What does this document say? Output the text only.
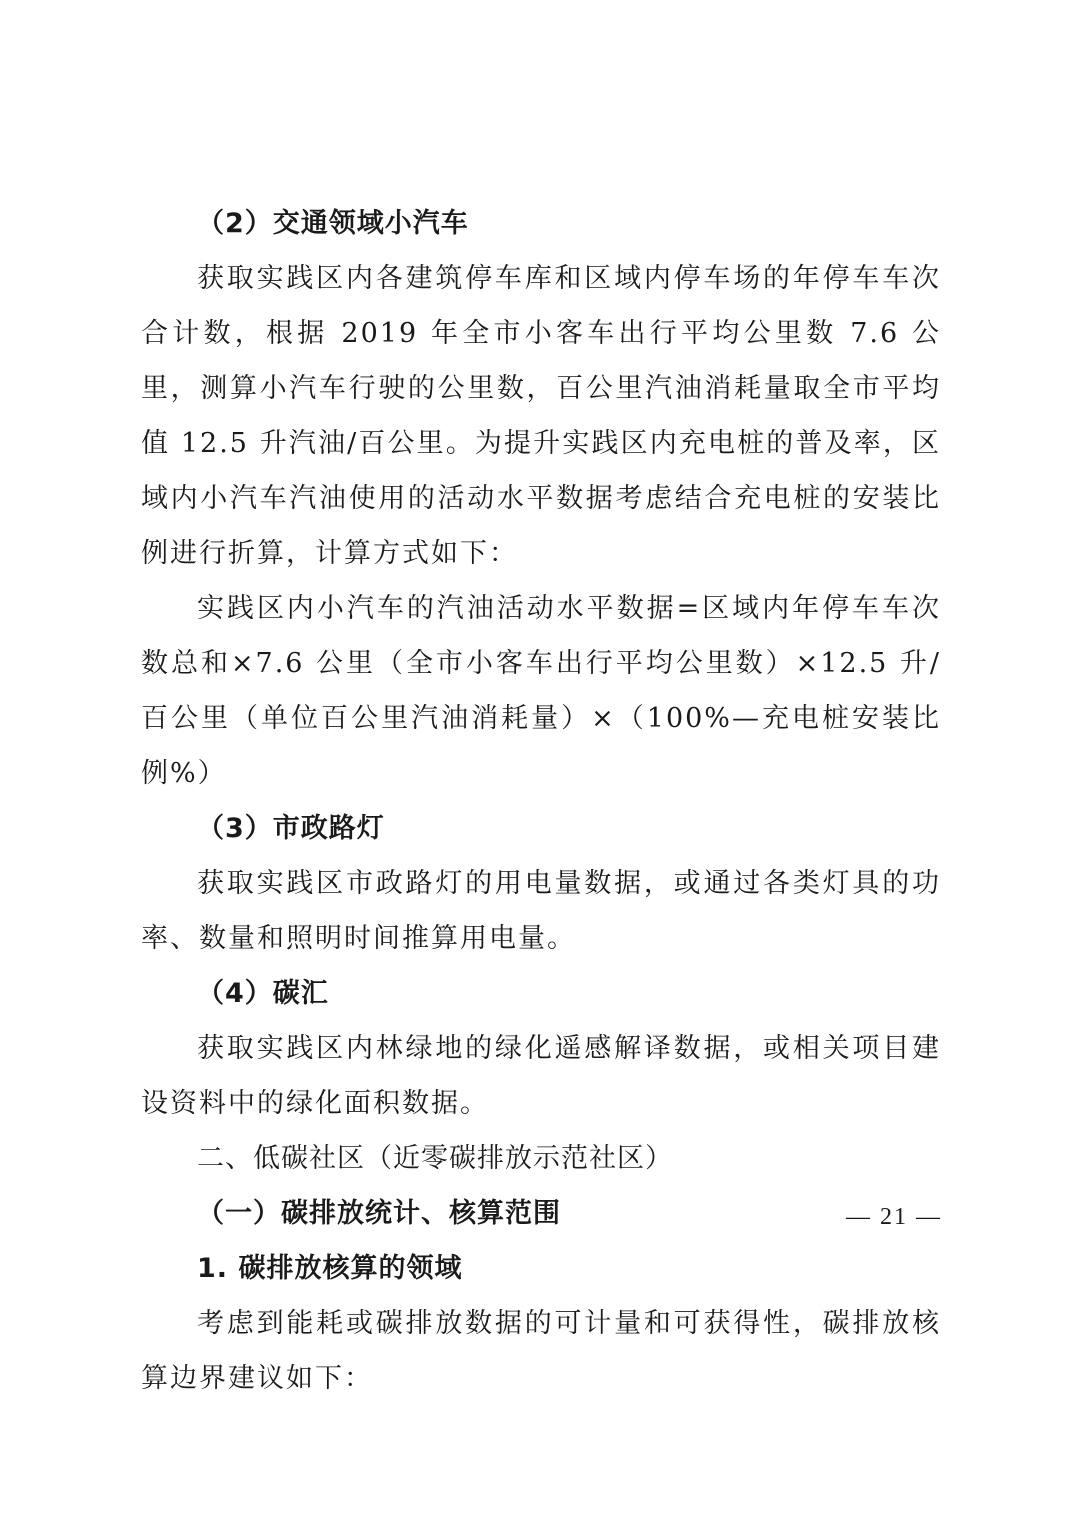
（2）交通领域小汽车

获取实践区内各建筑停车库和区域内停车场的年停车车次合计数，根据 2019 年全市小客车出行平均公里数 7.6 公里，测算小汽车行驶的公里数，百公里汽油消耗量取全市平均值 12.5 升汽油/百公里。为提升实践区内充电桩的普及率，区域内小汽车汽油使用的活动水平数据考虑结合充电桩的安装比例进行折算，计算方式如下：

实践区内小汽车的汽油活动水平数据=区域内年停车车次数总和×7.6 公里（全市小客车出行平均公里数）×12.5 升/百公里（单位百公里汽油消耗量）×（100%—充电桩安装比例%）

（3）市政路灯

获取实践区市政路灯的用电量数据，或通过各类灯具的功率、数量和照明时间推算用电量。

（4）碳汇

获取实践区内林绿地的绿化遥感解译数据，或相关项目建设资料中的绿化面积数据。

二、低碳社区（近零碳排放示范社区）

（一）碳排放统计、核算范围

1. 碳排放核算的领域

考虑到能耗或碳排放数据的可计量和可获得性，碳排放核算边界建议如下：

— 21 —
